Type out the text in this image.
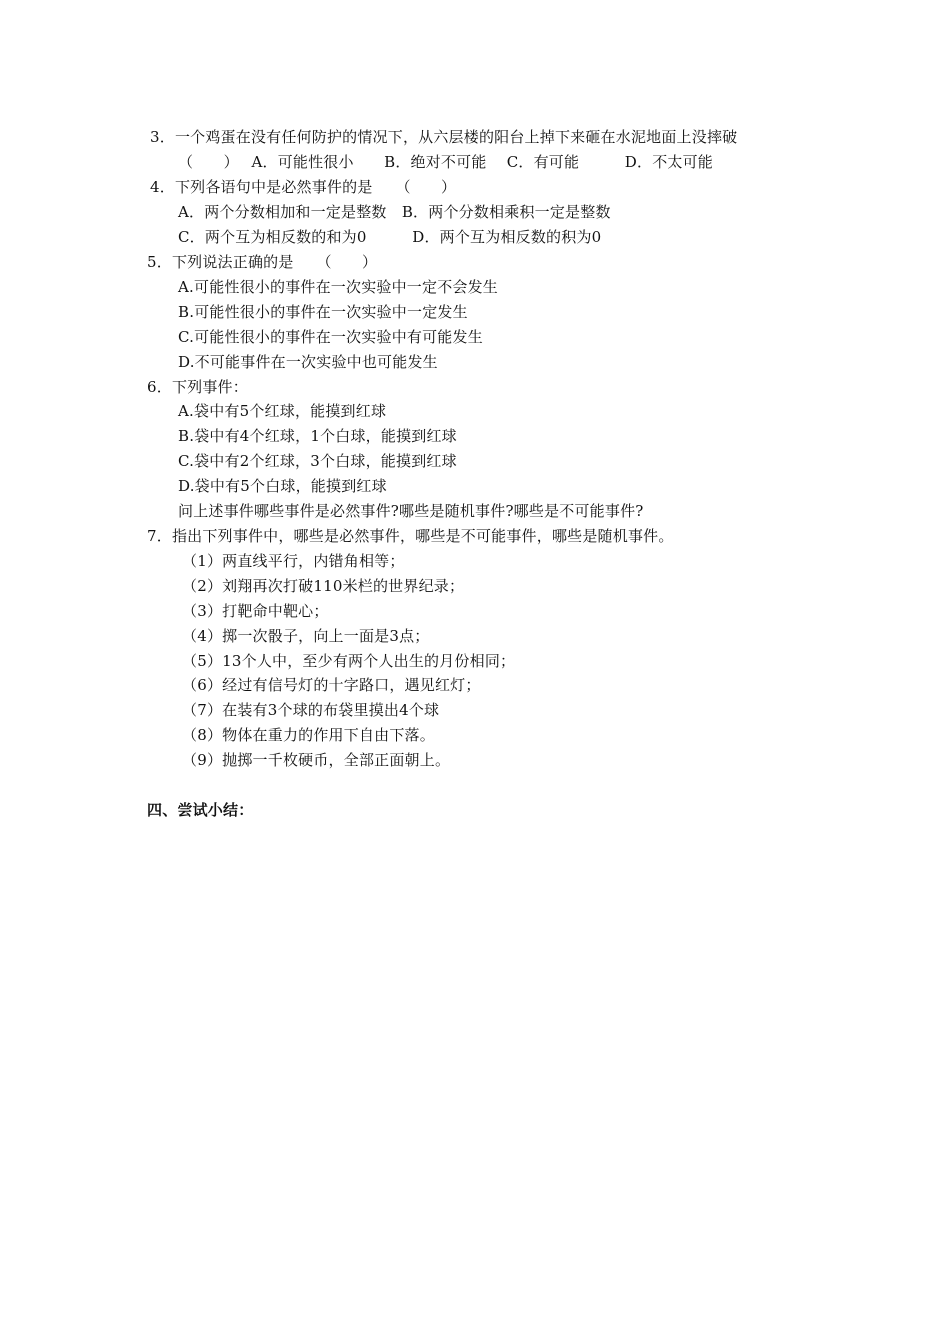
3．一个鸡蛋在没有任何防护的情况下，从六层楼的阳台上掉下来砸在水泥地面上没摔破
（　　）　 A．可能性很小　　B．绝对不可能　 C．有可能　　　D．不太可能
4．下列各语句中是必然事件的是　　（　　）
A．两个分数相加和一定是整数　B．两个分数相乘积一定是整数
C．两个互为相反数的和为0　　　D．两个互为相反数的积为0
5．下列说法正确的是　　（　　）
A.可能性很小的事件在一次实验中一定不会发生
B.可能性很小的事件在一次实验中一定发生
C.可能性很小的事件在一次实验中有可能发生
D.不可能事件在一次实验中也可能发生
6．下列事件：
A.袋中有5个红球，能摸到红球
B.袋中有4个红球，1个白球，能摸到红球
C.袋中有2个红球，3个白球，能摸到红球
D.袋中有5个白球，能摸到红球
问上述事件哪些事件是必然事件?哪些是随机事件?哪些是不可能事件?
7．指出下列事件中，哪些是必然事件，哪些是不可能事件，哪些是随机事件。
（1）两直线平行，内错角相等；
（2）刘翔再次打破110米栏的世界纪录；
（3）打靶命中靶心；
（4）掷一次骰子，向上一面是3点；
（5）13个人中，至少有两个人出生的月份相同；
（6）经过有信号灯的十字路口，遇见红灯；
（7）在装有3个球的布袋里摸出4个球
（8）物体在重力的作用下自由下落。
（9）抛掷一千枚硬币，全部正面朝上。
四、尝试小结：
